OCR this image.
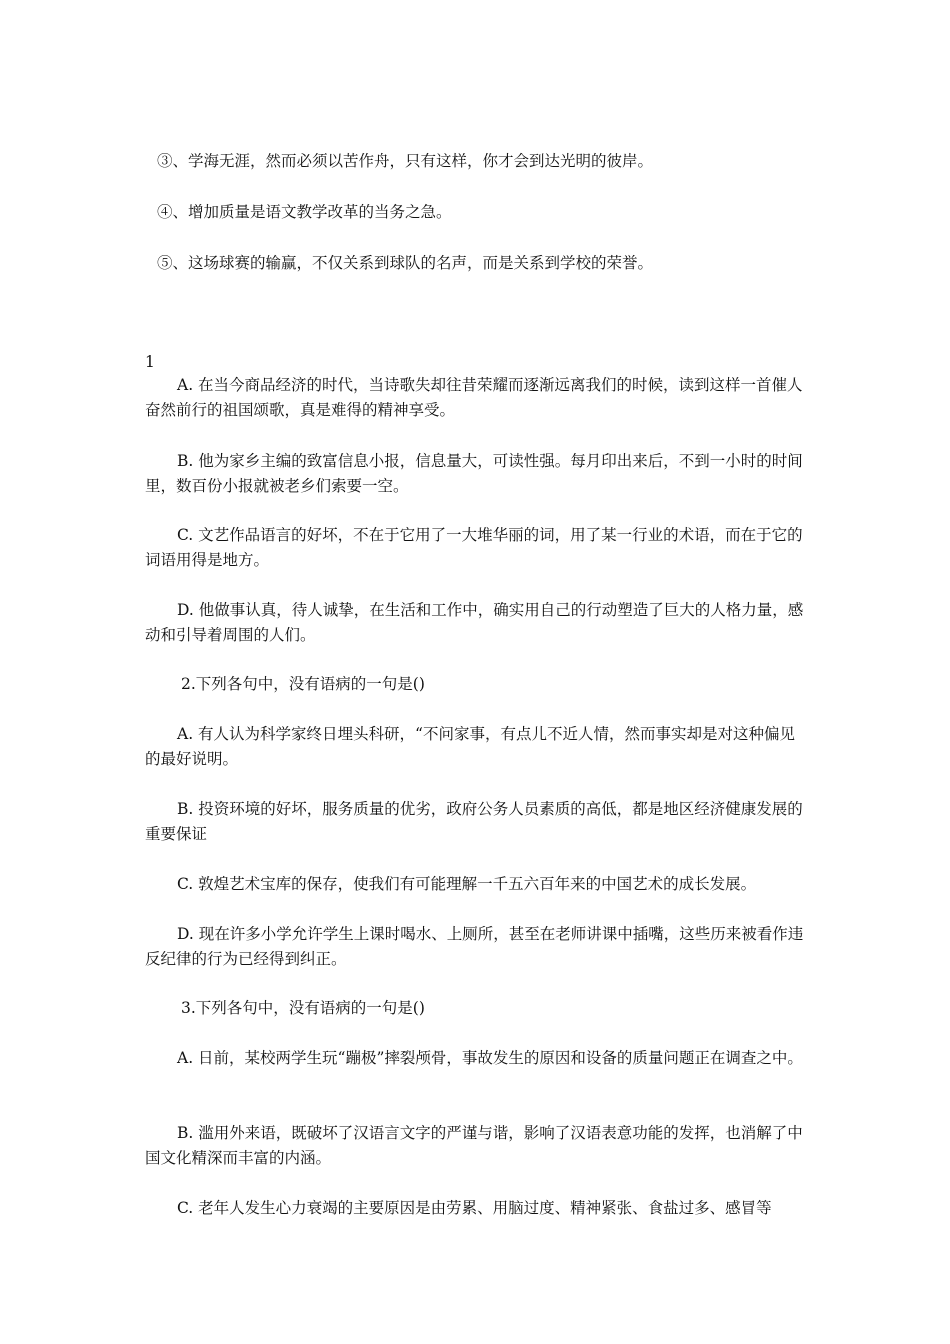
③、学海无涯，然而必须以苦作舟，只有这样，你才会到达光明的彼岸。

④、增加质量是语文教学改革的当务之急。

⑤、这场球赛的输赢，不仅关系到球队的名声，而是关系到学校的荣誉。

1

A. 在当今商品经济的时代，当诗歌失却往昔荣耀而逐渐远离我们的时候，读到这样一首催人奋然前行的祖国颂歌，真是难得的精神享受。

B. 他为家乡主编的致富信息小报，信息量大，可读性强。每月印出来后，不到一小时的时间里，数百份小报就被老乡们索要一空。

C. 文艺作品语言的好坏，不在于它用了一大堆华丽的词，用了某一行业的术语，而在于它的词语用得是地方。

D. 他做事认真，待人诚挚，在生活和工作中，确实用自己的行动塑造了巨大的人格力量，感动和引导着周围的人们。

2.下列各句中，没有语病的一句是()

A. 有人认为科学家终日埋头科研，“不问家事，有点儿不近人情，然而事实却是对这种偏见的最好说明。

B. 投资环境的好坏，服务质量的优劣，政府公务人员素质的高低，都是地区经济健康发展的重要保证

C. 敦煌艺术宝库的保存，使我们有可能理解一千五六百年来的中国艺术的成长发展。

D. 现在许多小学允许学生上课时喝水、上厕所，甚至在老师讲课中插嘴，这些历来被看作违反纪律的行为已经得到纠正。

3.下列各句中，没有语病的一句是()

A. 日前，某校两学生玩“蹦极”摔裂颅骨，事故发生的原因和设备的质量问题正在调查之中。

B. 滥用外来语，既破坏了汉语言文字的严谨与谐，影响了汉语表意功能的发挥，也消解了中国文化精深而丰富的内涵。

C. 老年人发生心力衰竭的主要原因是由劳累、用脑过度、精神紧张、食盐过多、感冒等
